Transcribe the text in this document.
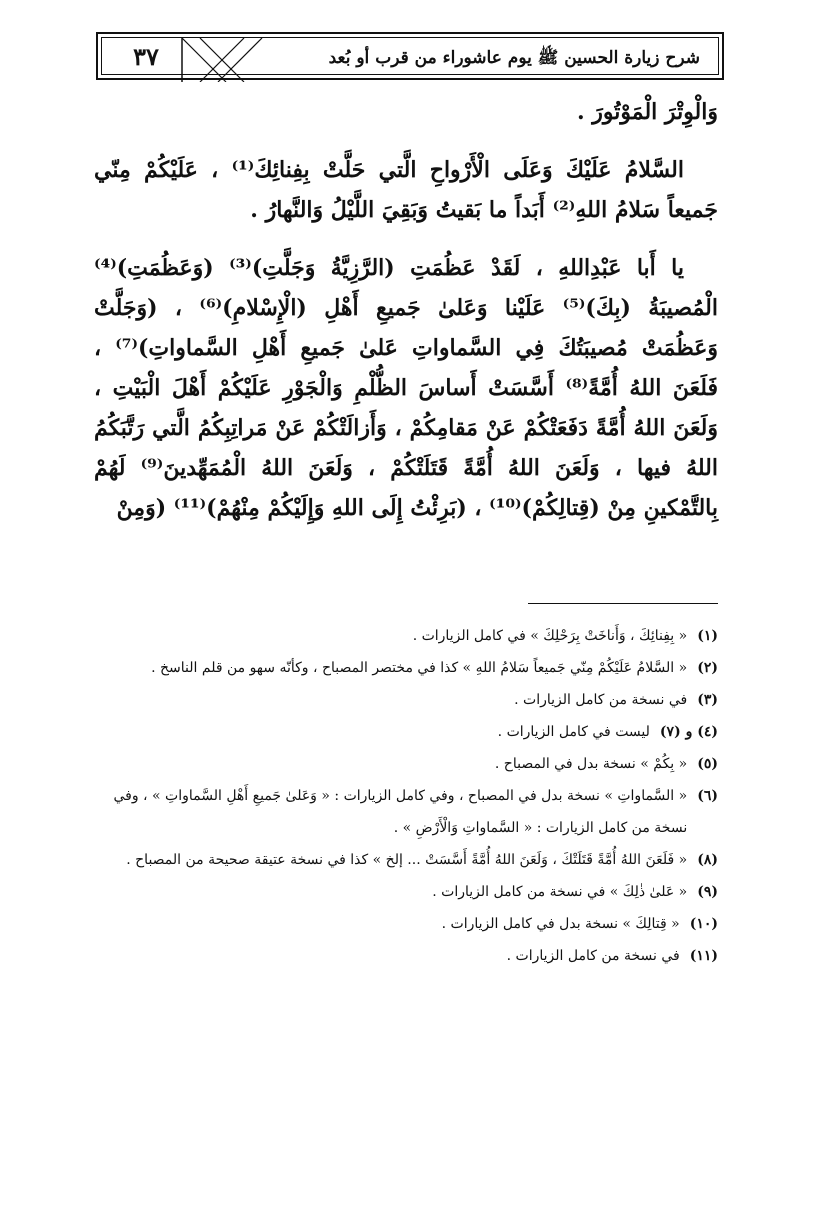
٣٧	شرح زيارة الحسين ﷺ يوم عاشوراء من قرب أو بُعد

وَالْوِتْرَ الْمَوْتُورَ .

السَّلامُ عَلَيْكَ وَعَلَى الْأَرْواحِ الَّتي حَلَّتْ بِفِنائِكَ⁽¹⁾ ، عَلَيْكُمْ مِنّي جَميعاً سَلامُ اللهِ⁽²⁾ أَبَداً ما بَقيتُ وَبَقِيَ اللَّيْلُ وَالنَّهارُ .

يا أَبا عَبْدِاللهِ ، لَقَدْ عَظُمَتِ (الرَّزِيَّةُ وَجَلَّتِ)⁽³⁾ (وَعَظُمَتِ)⁽⁴⁾ الْمُصيبَةُ (بِكَ)⁽⁵⁾ عَلَيْنا وَعَلىٰ جَميعِ أَهْلِ (الْإِسْلامِ)⁽⁶⁾ ، (وَجَلَّتْ وَعَظُمَتْ مُصيبَتُكَ فِي السَّماواتِ عَلىٰ جَميعِ أَهْلِ السَّماواتِ)⁽⁷⁾ ، فَلَعَنَ اللهُ أُمَّةً⁽⁸⁾ أَسَّسَتْ أَساسَ الظُّلْمِ وَالْجَوْرِ عَلَيْكُمْ أَهْلَ الْبَيْتِ ، وَلَعَنَ اللهُ أُمَّةً دَفَعَتْكُمْ عَنْ مَقامِكُمْ ، وَأَزالَتْكُمْ عَنْ مَراتِبِكُمُ الَّتي رَتَّبَكُمُ اللهُ فيها ، وَلَعَنَ اللهُ أُمَّةً قَتَلَتْكُمْ ، وَلَعَنَ اللهُ الْمُمَهِّدينَ⁽⁹⁾ لَهُمْ بِالتَّمْكينِ مِنْ (قِتالِكُمْ)⁽¹⁰⁾ ، (بَرِئْتُ إِلَى اللهِ وَإِلَيْكُمْ مِنْهُمْ)⁽¹¹⁾ (وَمِنْ

(١)
« بِفِنائِكَ ، وَأَناخَتْ بِرَحْلِكَ » في كامل الزيارات .
(٢)
« السَّلامُ عَلَيْكُمْ مِنّي جَميعاً سَلامُ اللهِ » كذا في مختصر المصباح ، وكأنّه سهو من قلم الناسخ .
(٣)
في نسخة من كامل الزيارات .
(٤) و (٧)
ليست في كامل الزيارات .
(٥)
« بِكُمْ » نسخة بدل في المصباح .
(٦)
« السَّماواتِ » نسخة بدل في المصباح ، وفي كامل الزيارات : « وَعَلىٰ جَميعِ أَهْلِ السَّماواتِ » ، وفي نسخة من كامل الزيارات : « السَّماواتِ وَالْأَرْضِ » .
(٨)
« فَلَعَنَ اللهُ أُمَّةً قَتَلَتْكَ ، وَلَعَنَ اللهُ أُمَّةً أَسَّسَتْ ... إلخ » كذا في نسخة عتيقة صحيحة من المصباح .
(٩)
« عَلىٰ ذٰلِكَ » في نسخة من كامل الزيارات .
(١٠)
« قِتالِكَ » نسخة بدل في كامل الزيارات .
(١١)
في نسخة من كامل الزيارات .
